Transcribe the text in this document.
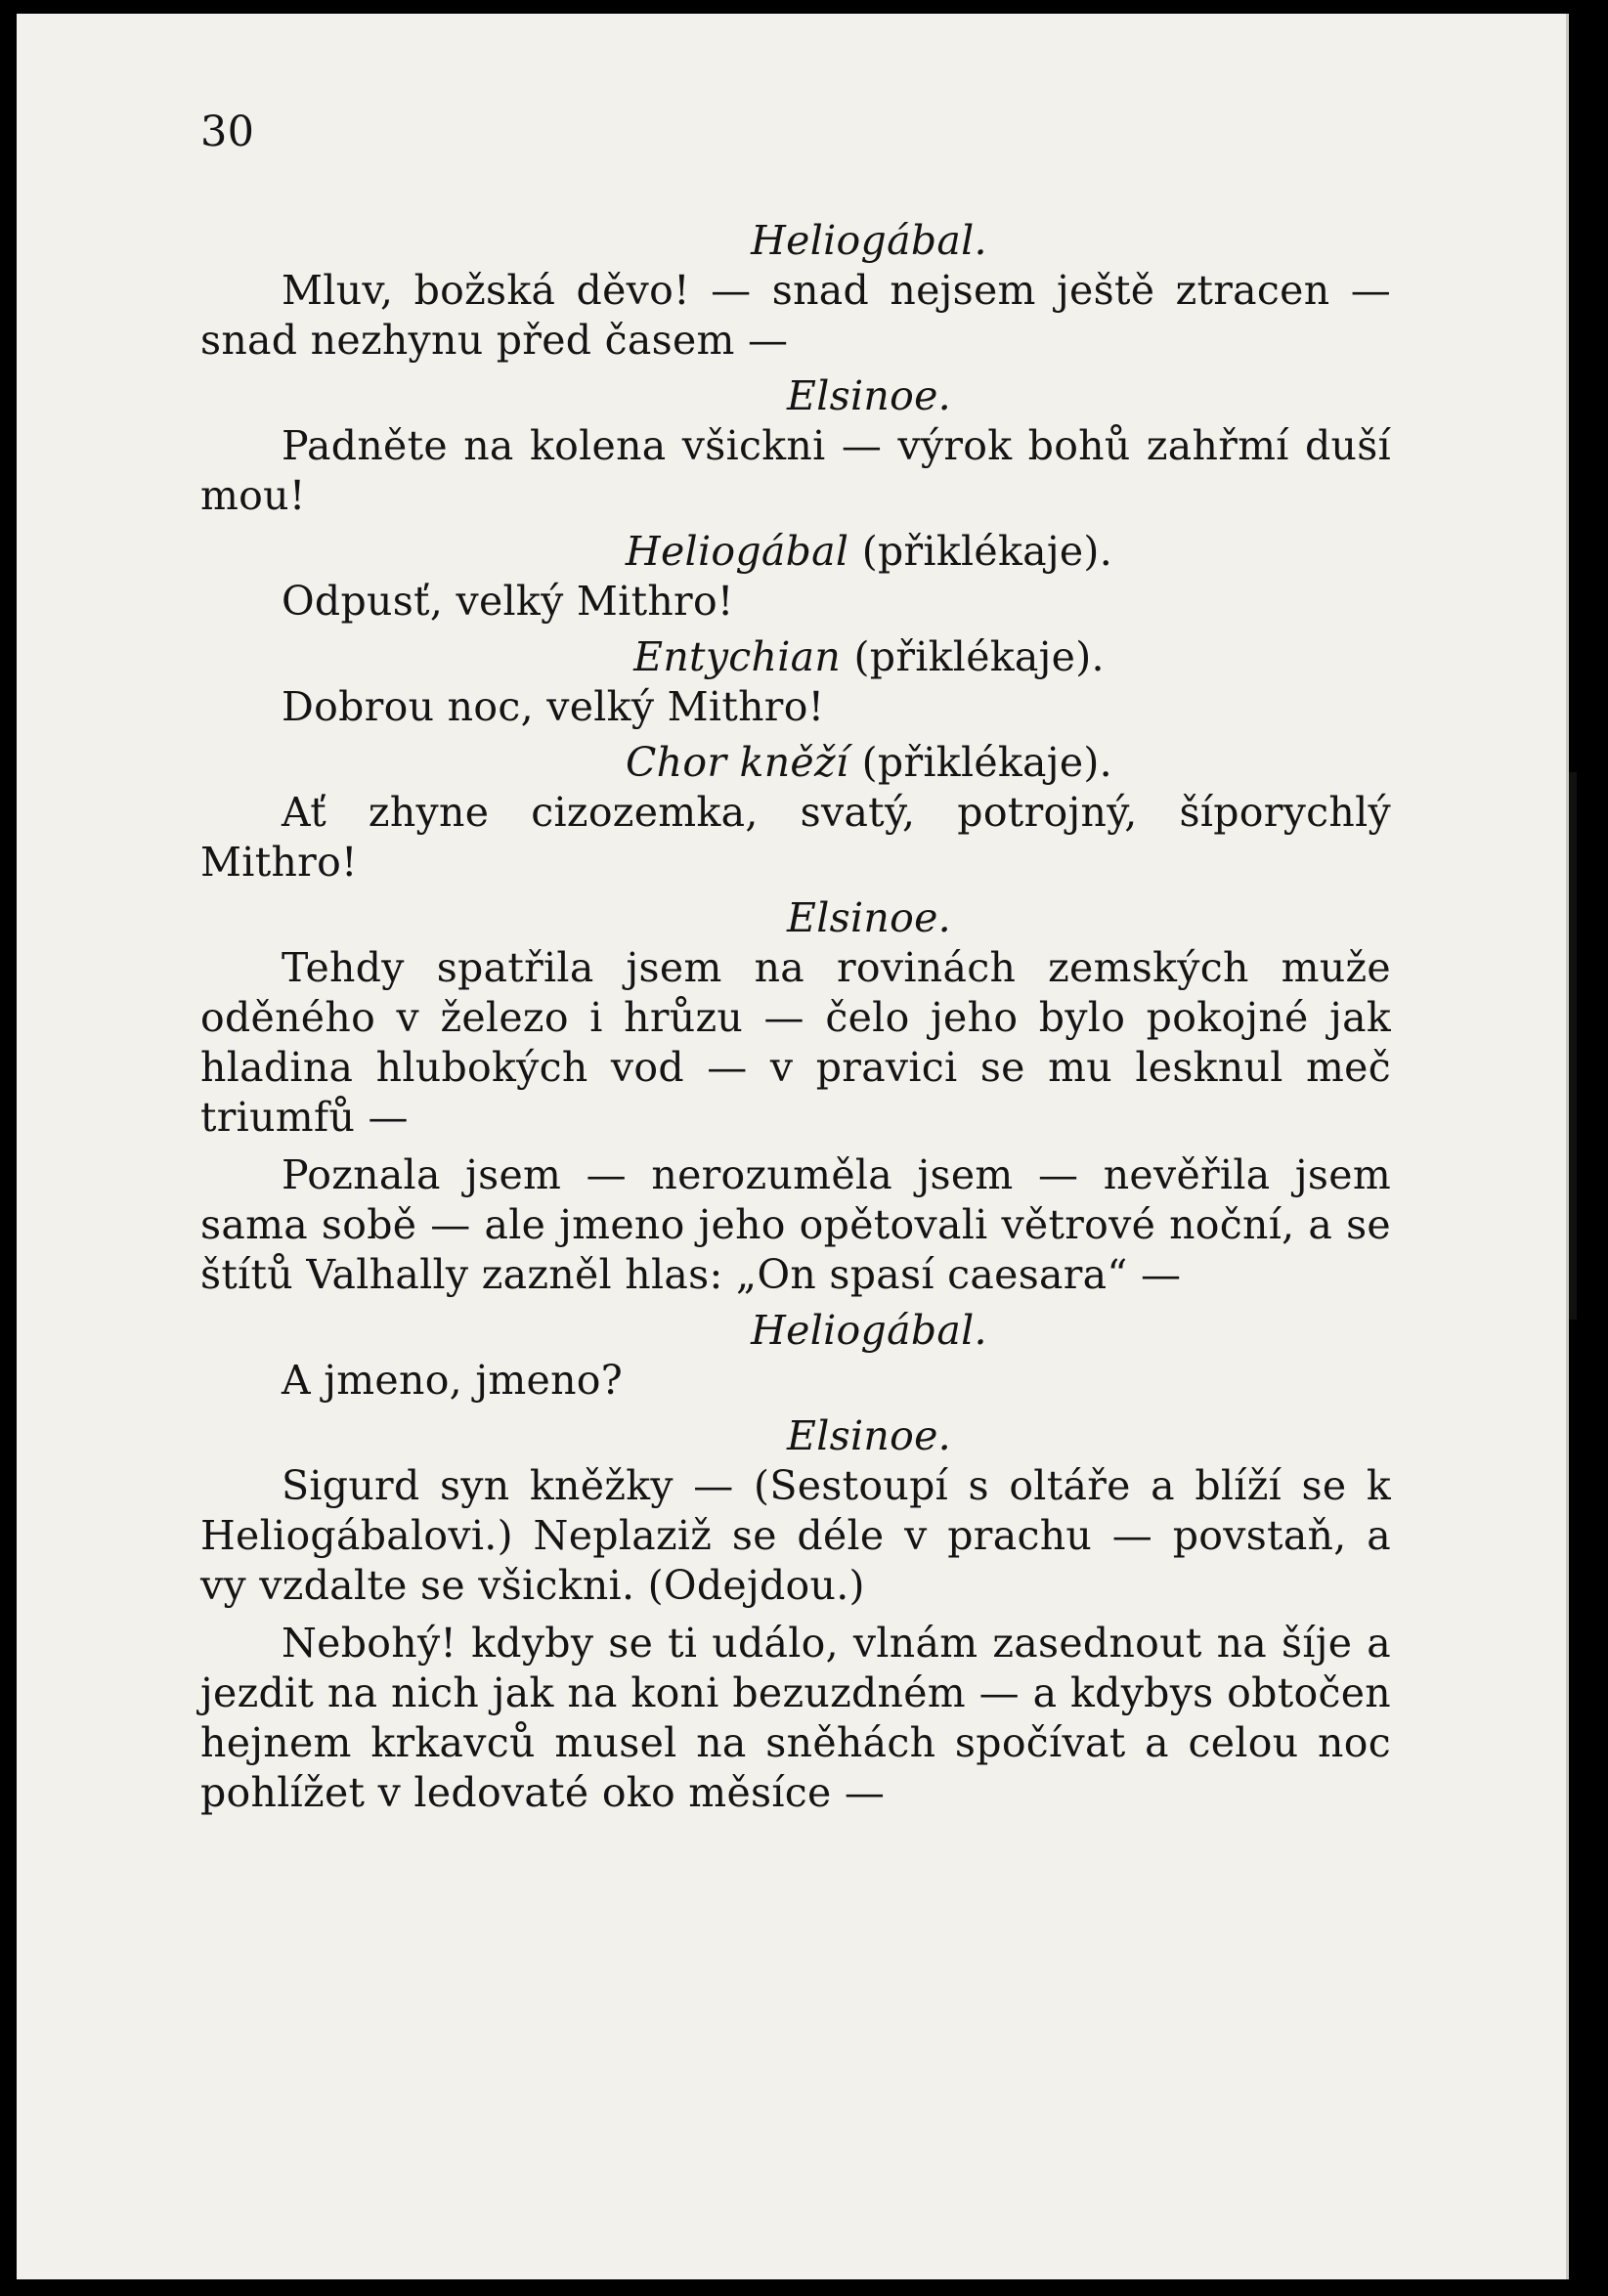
30
Heliogábal.

Mluv, božská děvo! — snad nejsem ještě ztracen — snad nezhynu před časem —

Elsinoe.

Padněte na kolena všickni — výrok bohů zahřmí duší mou!

Heliogábal (přiklékaje).

Odpusť, velký Mithro!

Entychian (přiklékaje).

Dobrou noc, velký Mithro!

Chor kněží (přiklékaje).

Ať zhyne cizozemka, svatý, potrojný, šíporychlý Mithro!

Elsinoe.

Tehdy spatřila jsem na rovinách zemských muže oděného v železo i hrůzu — čelo jeho bylo pokojné jak hladina hlubokých vod — v pravici se mu lesknul meč triumfů —

Poznala jsem — nerozuměla jsem — nevěřila jsem sama sobě — ale jmeno jeho opětovali větrové noční, a se štítů Valhally zazněl hlas: „On spasí caesara“ —

Heliogábal.

A jmeno, jmeno?

Elsinoe.

Sigurd syn kněžky — (Sestoupí s oltáře a blíží se k Heliogábalovi.) Neplaziž se déle v prachu — povstaň, a vy vzdalte se všickni. (Odejdou.)

Nebohý! kdyby se ti událo, vlnám zasednout na šíje a jezdit na nich jak na koni bezuzdném — a kdybys obtočen hejnem krkavců musel na sněhách spočívat a celou noc pohlížet v ledovaté oko měsíce —
